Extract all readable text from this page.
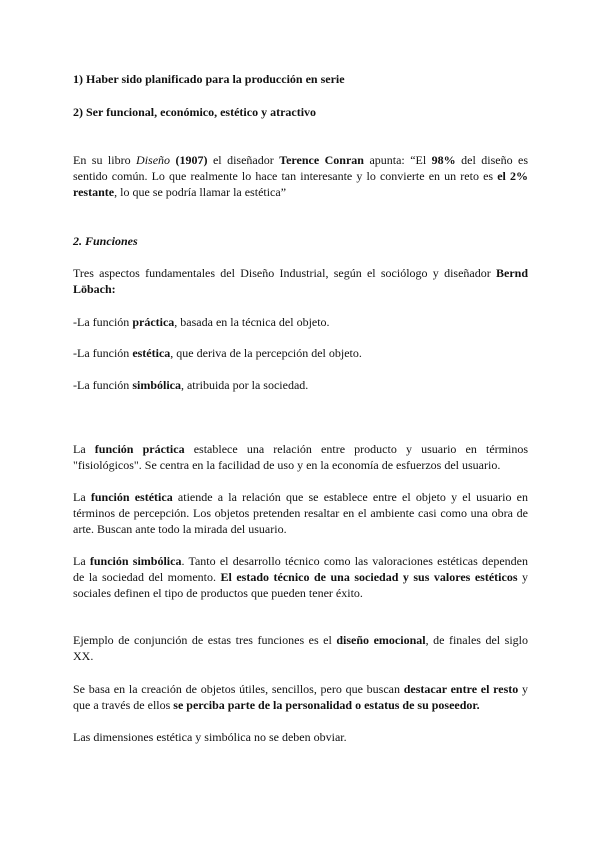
1) Haber sido planificado para la producción en serie

2) Ser funcional, económico, estético y atractivo

En su libro Diseño (1907) el diseñador Terence Conran apunta: “El 98% del diseño es sentido común. Lo que realmente lo hace tan interesante y lo convierte en un reto es el 2% restante, lo que se podría llamar la estética”

2. Funciones

Tres aspectos fundamentales del Diseño Industrial, según el sociólogo y diseñador Bernd Löbach:

-La función práctica, basada en la técnica del objeto.

-La función estética, que deriva de la percepción del objeto.

-La función simbólica, atribuida por la sociedad.

La función práctica establece una relación entre producto y usuario en términos "fisiológicos". Se centra en la facilidad de uso y en la economía de esfuerzos del usuario.

La función estética atiende a la relación que se establece entre el objeto y el usuario en términos de percepción. Los objetos pretenden resaltar en el ambiente casi como una obra de arte. Buscan ante todo la mirada del usuario.

La función simbólica. Tanto el desarrollo técnico como las valoraciones estéticas dependen de la sociedad del momento. El estado técnico de una sociedad y sus valores estéticos y sociales definen el tipo de productos que pueden tener éxito.

Ejemplo de conjunción de estas tres funciones es el diseño emocional, de finales del siglo XX.

Se basa en la creación de objetos útiles, sencillos, pero que buscan destacar entre el resto y que a través de ellos se perciba parte de la personalidad o estatus de su poseedor.

Las dimensiones estética y simbólica no se deben obviar.
